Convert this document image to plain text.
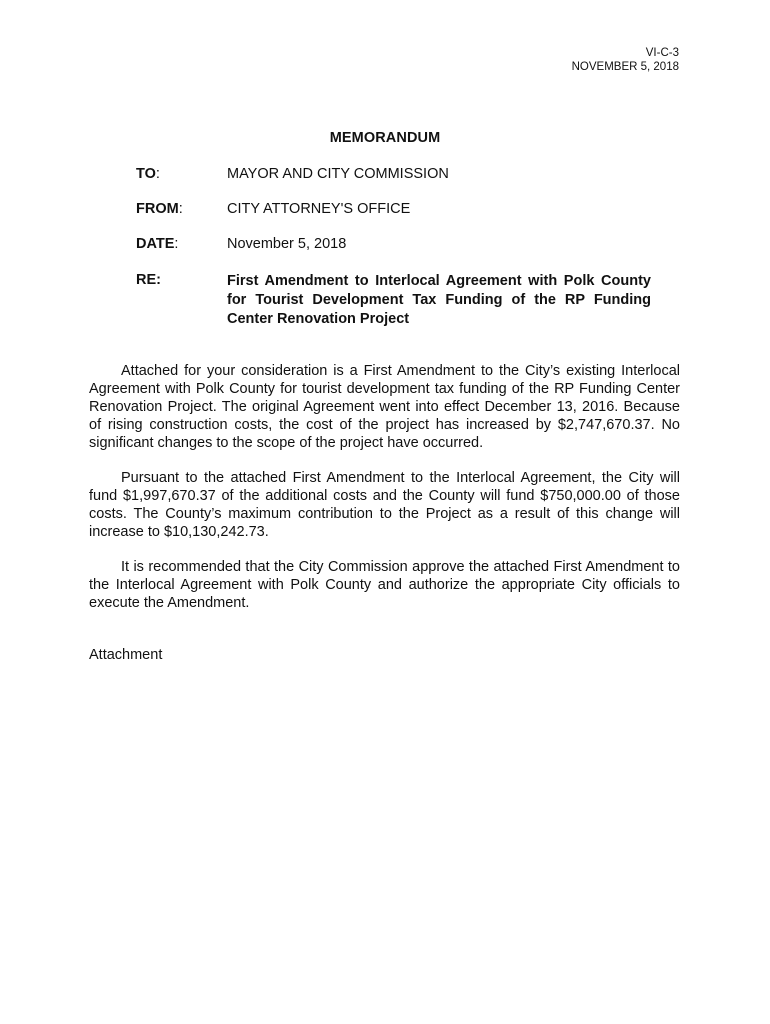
VI-C-3
NOVEMBER 5, 2018
MEMORANDUM
TO:	MAYOR AND CITY COMMISSION
FROM:	CITY ATTORNEY'S OFFICE
DATE:	November 5, 2018
RE:	First Amendment to Interlocal Agreement with Polk County for Tourist Development Tax Funding of the RP Funding Center Renovation Project

Attached for your consideration is a First Amendment to the City’s existing Interlocal Agreement with Polk County for tourist development tax funding of the RP Funding Center Renovation Project. The original Agreement went into effect December 13, 2016. Because of rising construction costs, the cost of the project has increased by $2,747,670.37. No significant changes to the scope of the project have occurred.

Pursuant to the attached First Amendment to the Interlocal Agreement, the City will fund $1,997,670.37 of the additional costs and the County will fund $750,000.00 of those costs. The County’s maximum contribution to the Project as a result of this change will increase to $10,130,242.73.

It is recommended that the City Commission approve the attached First Amendment to the Interlocal Agreement with Polk County and authorize the appropriate City officials to execute the Amendment.

Attachment
